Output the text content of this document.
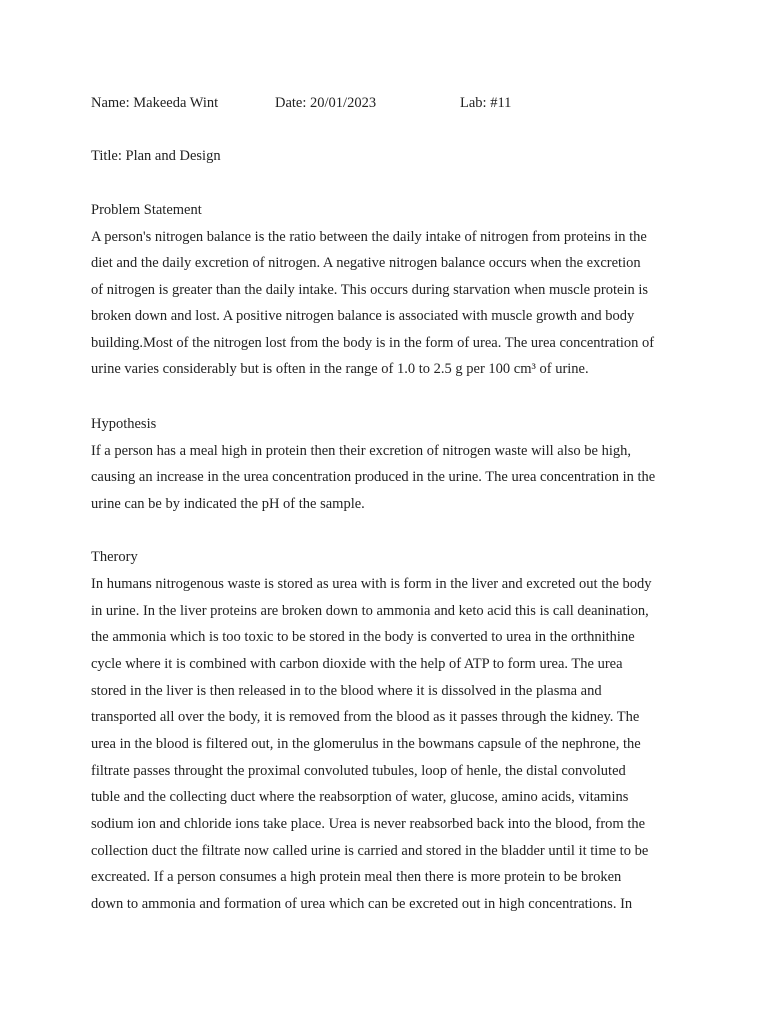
Name: Makeeda Wint	Date: 20/01/2023	Lab: #11
Title: Plan and Design
Problem Statement
A person's nitrogen balance is the ratio between the daily intake of nitrogen from proteins in the
diet and the daily excretion of nitrogen. A negative nitrogen balance occurs when the excretion
of nitrogen is greater than the daily intake. This occurs during starvation when muscle protein is
broken down and lost. A positive nitrogen balance is associated with muscle growth and body
building.Most of the nitrogen lost from the body is in the form of urea. The urea concentration of
urine varies considerably but is often in the range of 1.0 to 2.5 g per 100 cm³ of urine.
Hypothesis
If a person has a meal high in protein then their excretion of nitrogen waste will also be high,
causing an increase in the urea concentration produced in the urine. The urea concentration in the
urine can be by indicated the pH of the sample.
Therory
In humans nitrogenous waste is stored as urea with is form in the liver and excreted out the body
in urine. In the liver proteins are broken down to ammonia and keto acid this is call deanination,
the ammonia which is too toxic to be stored in the body is converted to urea in the orthnithine
cycle where it is combined with carbon dioxide with the help of ATP to form urea. The urea
stored in the liver is then released in to the blood where it is dissolved in the plasma and
transported all over the body, it is removed from the blood as it passes through the kidney. The
urea in the blood is filtered out, in the glomerulus in the bowmans capsule of the nephrone, the
filtrate passes throught the proximal convoluted tubules, loop of henle, the distal convoluted
tuble and the collecting duct where the reabsorption of water, glucose, amino acids, vitamins
sodium ion and chloride ions take place. Urea is never reabsorbed back into the blood, from the
collection duct the filtrate now called urine is carried and stored in the bladder until it time to be
excreated. If a person consumes a high protein meal then there is more protein to be broken
down to ammonia and formation of urea which can be excreted out in high concentrations. In
